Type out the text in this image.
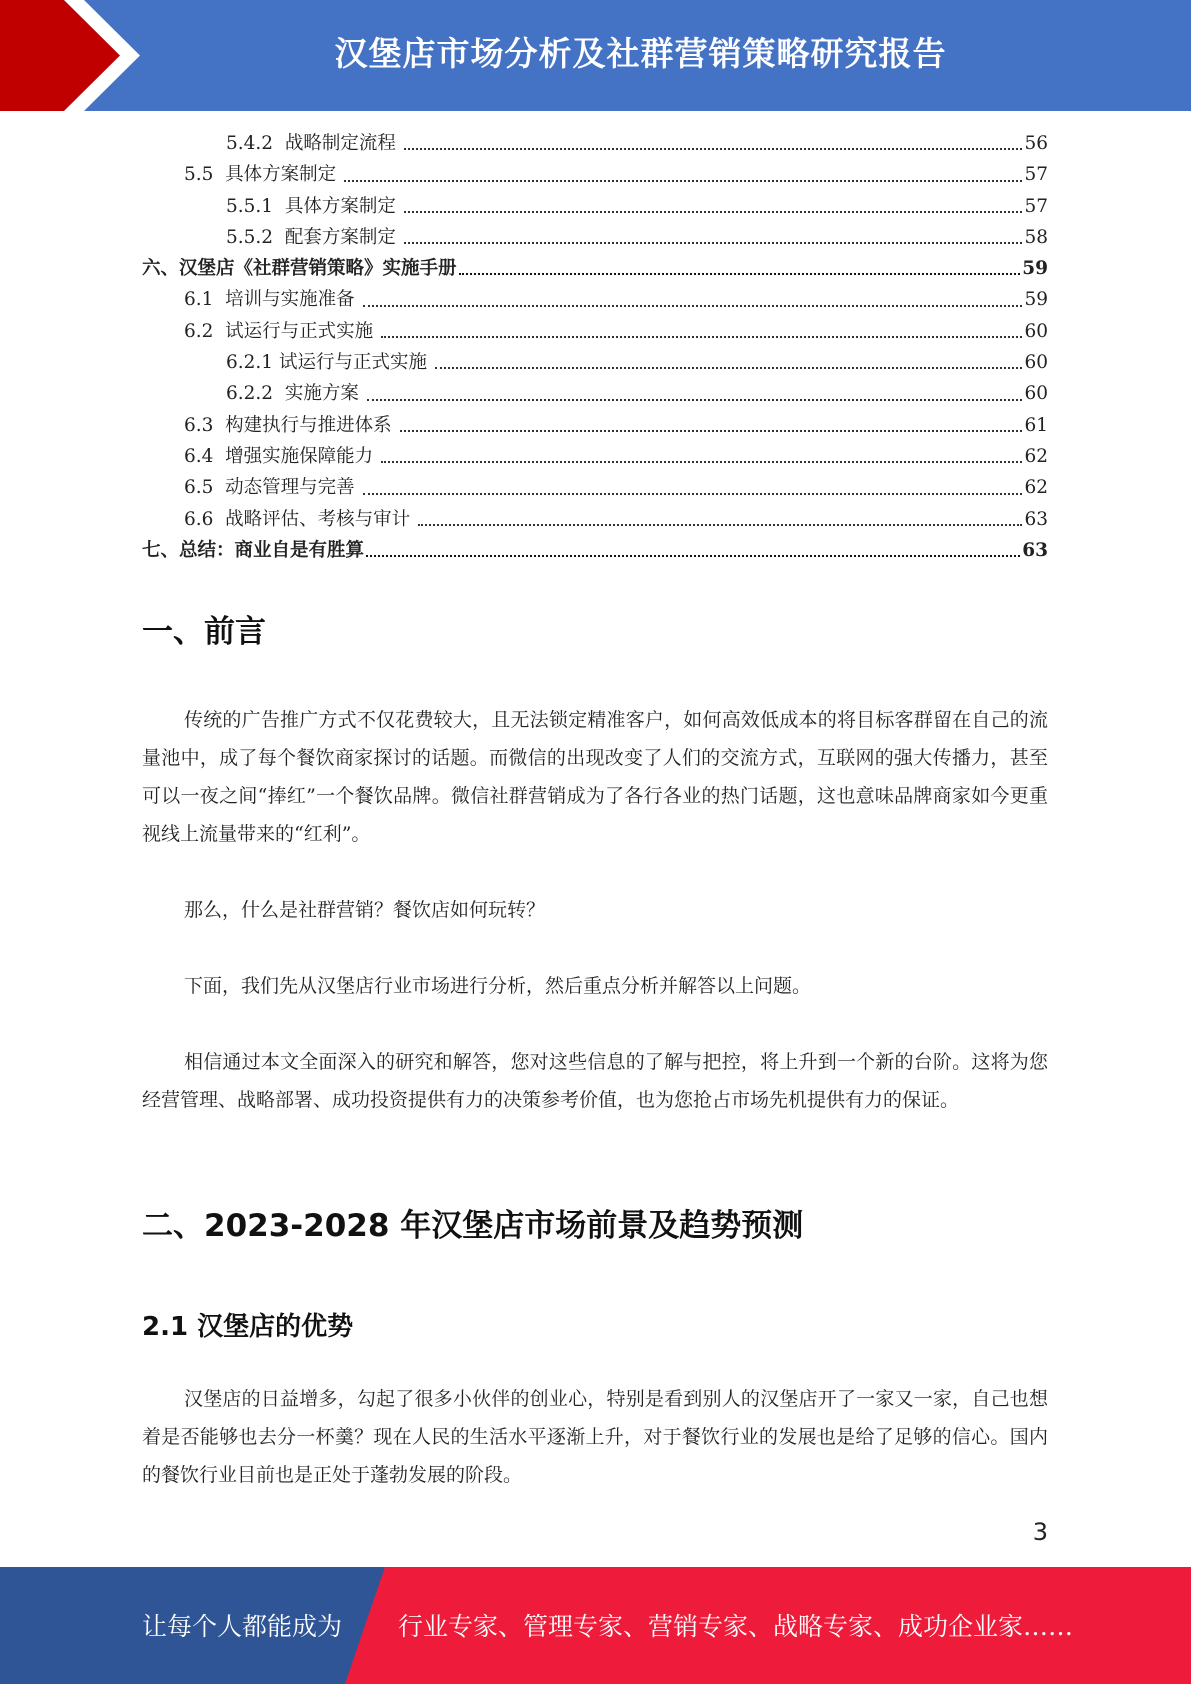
汉堡店市场分析及社群营销策略研究报告
5.4.2  战略制定流程	56
5.5  具体方案制定	57
5.5.1  具体方案制定	57
5.5.2  配套方案制定	58
六、汉堡店《社群营销策略》实施手册	59
6.1  培训与实施准备	59
6.2  试运行与正式实施	60
6.2.1 试运行与正式实施	60
6.2.2  实施方案	60
6.3  构建执行与推进体系	61
6.4  增强实施保障能力	62
6.5  动态管理与完善	62
6.6  战略评估、考核与审计	63
七、总结：商业自是有胜算	63
一、前言

传统的广告推广方式不仅花费较大，且无法锁定精准客户，如何高效低成本的将目标客群留在自己的流量池中，成了每个餐饮商家探讨的话题。而微信的出现改变了人们的交流方式，互联网的强大传播力，甚至可以一夜之间“捧红”一个餐饮品牌。微信社群营销成为了各行各业的热门话题，这也意味品牌商家如今更重视线上流量带来的“红利”。

那么，什么是社群营销？餐饮店如何玩转？

下面，我们先从汉堡店行业市场进行分析，然后重点分析并解答以上问题。

相信通过本文全面深入的研究和解答，您对这些信息的了解与把控，将上升到一个新的台阶。这将为您经营管理、战略部署、成功投资提供有力的决策参考价值，也为您抢占市场先机提供有力的保证。

二、2023-2028 年汉堡店市场前景及趋势预测
2.1 汉堡店的优势

汉堡店的日益增多，勾起了很多小伙伴的创业心，特别是看到别人的汉堡店开了一家又一家，自己也想着是否能够也去分一杯羹？现在人民的生活水平逐渐上升，对于餐饮行业的发展也是给了足够的信心。国内的餐饮行业目前也是正处于蓬勃发展的阶段。

3
让每个人都能成为 行业专家、管理专家、营销专家、战略专家、成功企业家……
